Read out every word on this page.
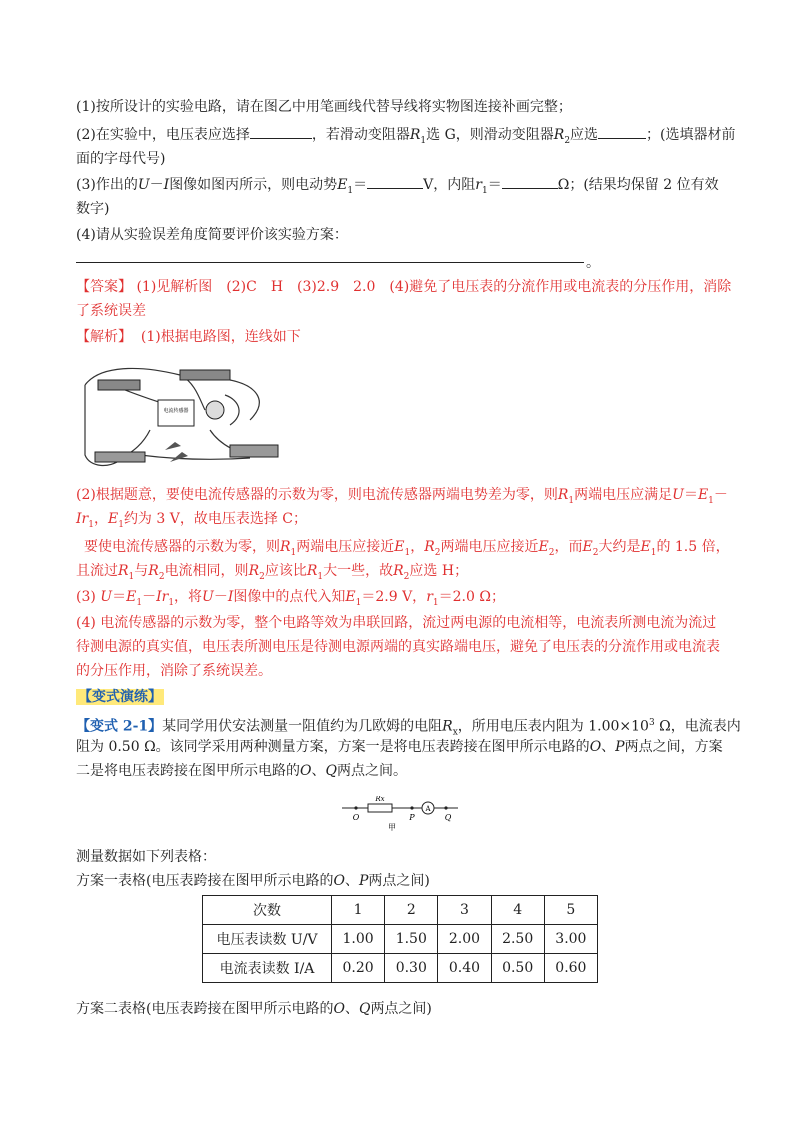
(1)按所设计的实验电路，请在图乙中用笔画线代替导线将实物图连接补画完整；
(2)在实验中，电压表应选择	，若滑动变阻器$R_1$选 G，则滑动变阻器$R_2$应选	；(选填器材前
面的字母代号)
(3)作出的U－I图像如图丙所示，则电动势$E_1=$	V，内阻$r_1=$	Ω；(结果均保留 2 位有效
数字)
(4)请从实验误差角度简要评价该实验方案：
。
【答案】 (1)见解析图　(2)C　H　(3)2.9　2.0　(4)避免了电压表的分流作用或电流表的分压作用，消除
了系统误差
【解析】 (1)根据电路图，连线如下
电流传感器
(2)根据题意，要使电流传感器的示数为零，则电流传感器两端电势差为零，则$R_1$两端电压应满足$U=E_1-$
$Ir_1$，$E_1$约为 3 V，故电压表选择 C；
要使电流传感器的示数为零，则$R_1$两端电压应接近$E_1$，$R_2$两端电压应接近$E_2$，而$E_2$大约是$E_1$的 1.5 倍，
且流过$R_1$与$R_2$电流相同，则$R_2$应该比$R_1$大一些，故$R_2$应选 H；
(3) $U=E_1-Ir_1$，将U－I图像中的点代入知$E_1=2.9$ V，$r_1=2.0$ Ω；
(4) 电流传感器的示数为零，整个电路等效为串联回路，流过两电源的电流相等，电流表所测电流为流过
待测电源的真实值，电压表所测电压是待测电源两端的真实路端电压，避免了电压表的分流作用或电流表
的分压作用，消除了系统误差。
【变式演练】
【变式 2-1】某同学用伏安法测量一阻值约为几欧姆的电阻$R_x$，所用电压表内阻为 $1.00\times 10^3$ Ω，电流表内
阻为 0.50 Ω。该同学采用两种测量方案，方案一是将电压表跨接在图甲所示电路的O、P两点之间，方案
二是将电压表跨接在图甲所示电路的O、Q两点之间。
Rx
A
O	P	Q
甲
测量数据如下列表格：
方案一表格(电压表跨接在图甲所示电路的O、P两点之间)
次数	1	2	3	4	5
电压表读数 U/V	1.00	1.50	2.00	2.50	3.00
电流表读数 I/A	0.20	0.30	0.40	0.50	0.60
方案二表格(电压表跨接在图甲所示电路的O、Q两点之间)
